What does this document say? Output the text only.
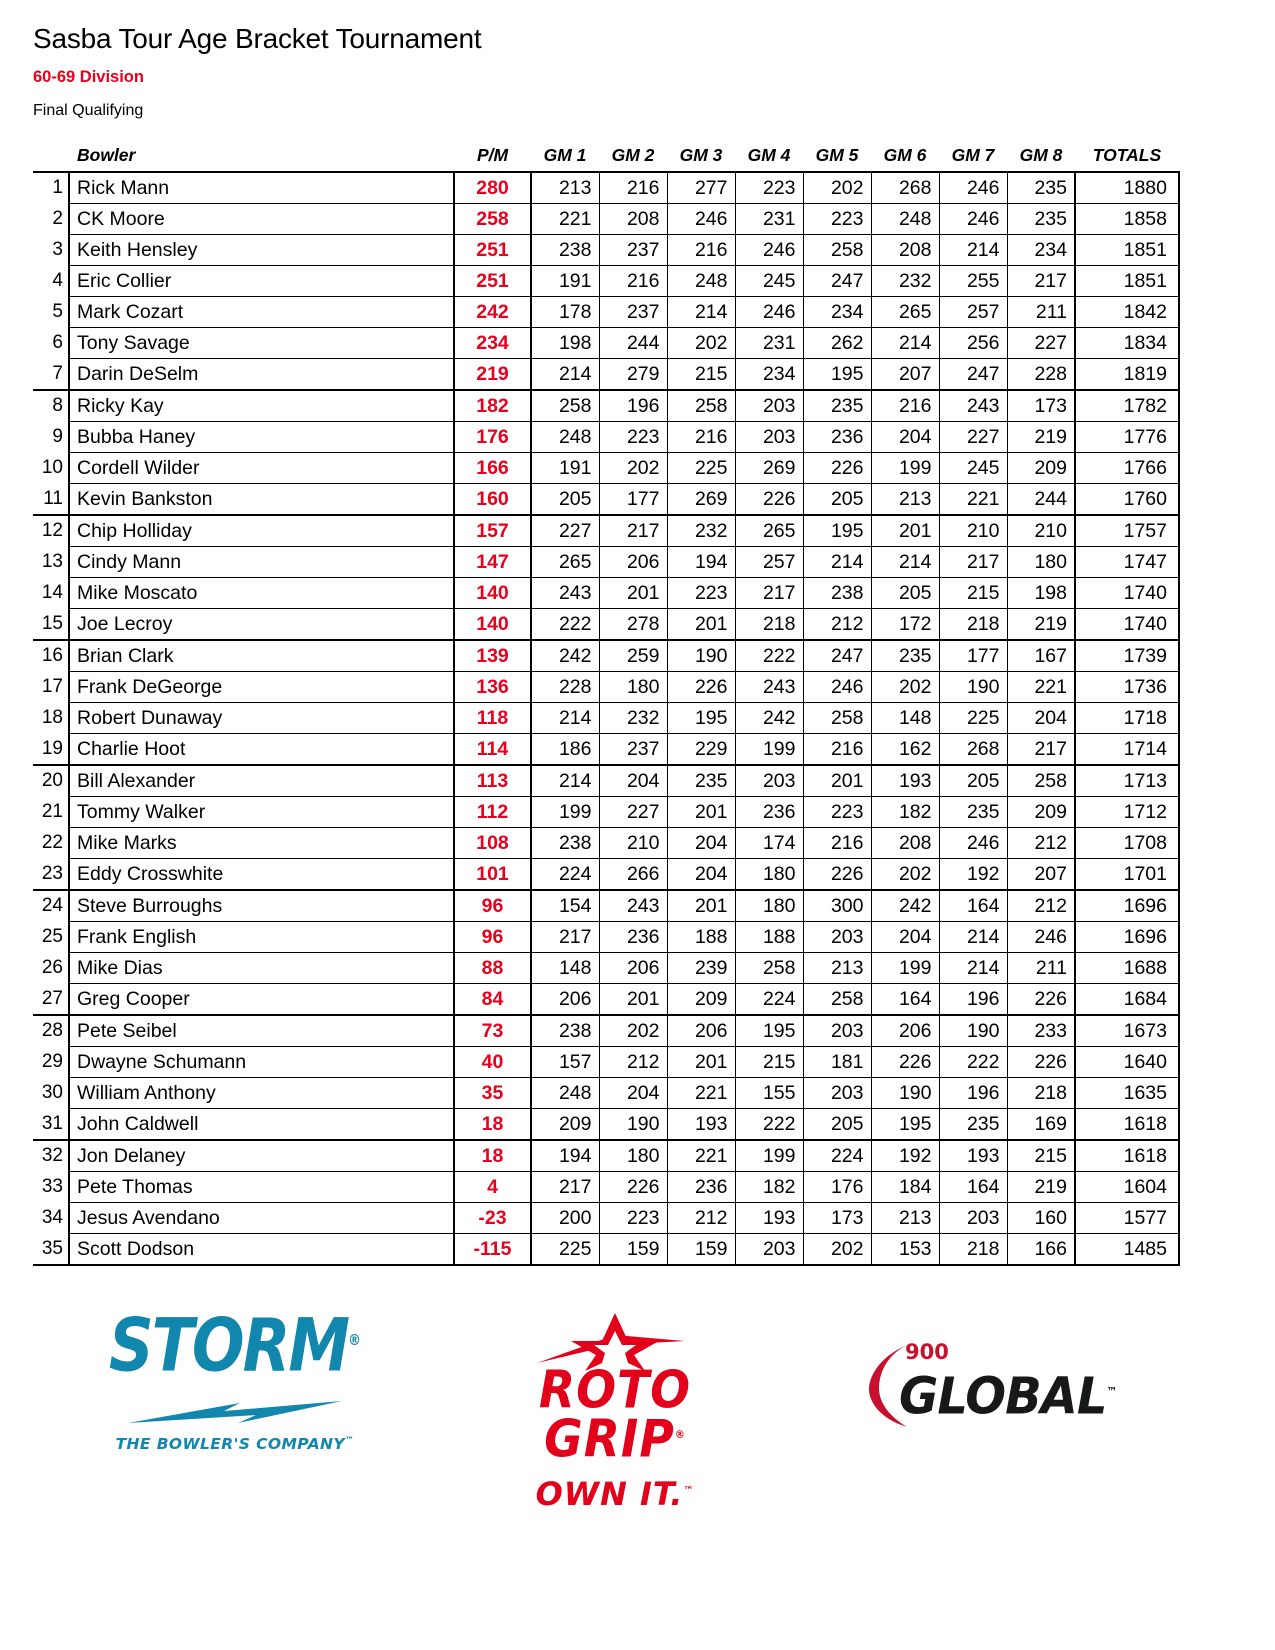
Sasba Tour Age Bracket Tournament
60-69 Division
Final Qualifying
	Bowler	P/M	GM 1	GM 2	GM 3	GM 4	GM 5	GM 6	GM 7	GM 8	TOTALS
1	Rick Mann	280	213	216	277	223	202	268	246	235	1880
2	CK Moore	258	221	208	246	231	223	248	246	235	1858
3	Keith Hensley	251	238	237	216	246	258	208	214	234	1851
4	Eric Collier	251	191	216	248	245	247	232	255	217	1851
5	Mark Cozart	242	178	237	214	246	234	265	257	211	1842
6	Tony Savage	234	198	244	202	231	262	214	256	227	1834
7	Darin DeSelm	219	214	279	215	234	195	207	247	228	1819
8	Ricky Kay	182	258	196	258	203	235	216	243	173	1782
9	Bubba Haney	176	248	223	216	203	236	204	227	219	1776
10	Cordell Wilder	166	191	202	225	269	226	199	245	209	1766
11	Kevin Bankston	160	205	177	269	226	205	213	221	244	1760
12	Chip Holliday	157	227	217	232	265	195	201	210	210	1757
13	Cindy Mann	147	265	206	194	257	214	214	217	180	1747
14	Mike Moscato	140	243	201	223	217	238	205	215	198	1740
15	Joe Lecroy	140	222	278	201	218	212	172	218	219	1740
16	Brian Clark	139	242	259	190	222	247	235	177	167	1739
17	Frank DeGeorge	136	228	180	226	243	246	202	190	221	1736
18	Robert Dunaway	118	214	232	195	242	258	148	225	204	1718
19	Charlie Hoot	114	186	237	229	199	216	162	268	217	1714
20	Bill Alexander	113	214	204	235	203	201	193	205	258	1713
21	Tommy Walker	112	199	227	201	236	223	182	235	209	1712
22	Mike Marks	108	238	210	204	174	216	208	246	212	1708
23	Eddy Crosswhite	101	224	266	204	180	226	202	192	207	1701
24	Steve Burroughs	96	154	243	201	180	300	242	164	212	1696
25	Frank English	96	217	236	188	188	203	204	214	246	1696
26	Mike Dias	88	148	206	239	258	213	199	214	211	1688
27	Greg Cooper	84	206	201	209	224	258	164	196	226	1684
28	Pete Seibel	73	238	202	206	195	203	206	190	233	1673
29	Dwayne Schumann	40	157	212	201	215	181	226	222	226	1640
30	William Anthony	35	248	204	221	155	203	190	196	218	1635
31	John Caldwell	18	209	190	193	222	205	195	235	169	1618
32	Jon Delaney	18	194	180	221	199	224	192	193	215	1618
33	Pete Thomas	4	217	226	236	182	176	184	164	219	1604
34	Jesus Avendano	-23	200	223	212	193	173	213	203	160	1577
35	Scott Dodson	-115	225	159	159	203	202	153	218	166	1485
STORM®
THE BOWLER'S COMPANY™
ROTO
GRIP®
OWN IT.™
900
GLOBAL™
